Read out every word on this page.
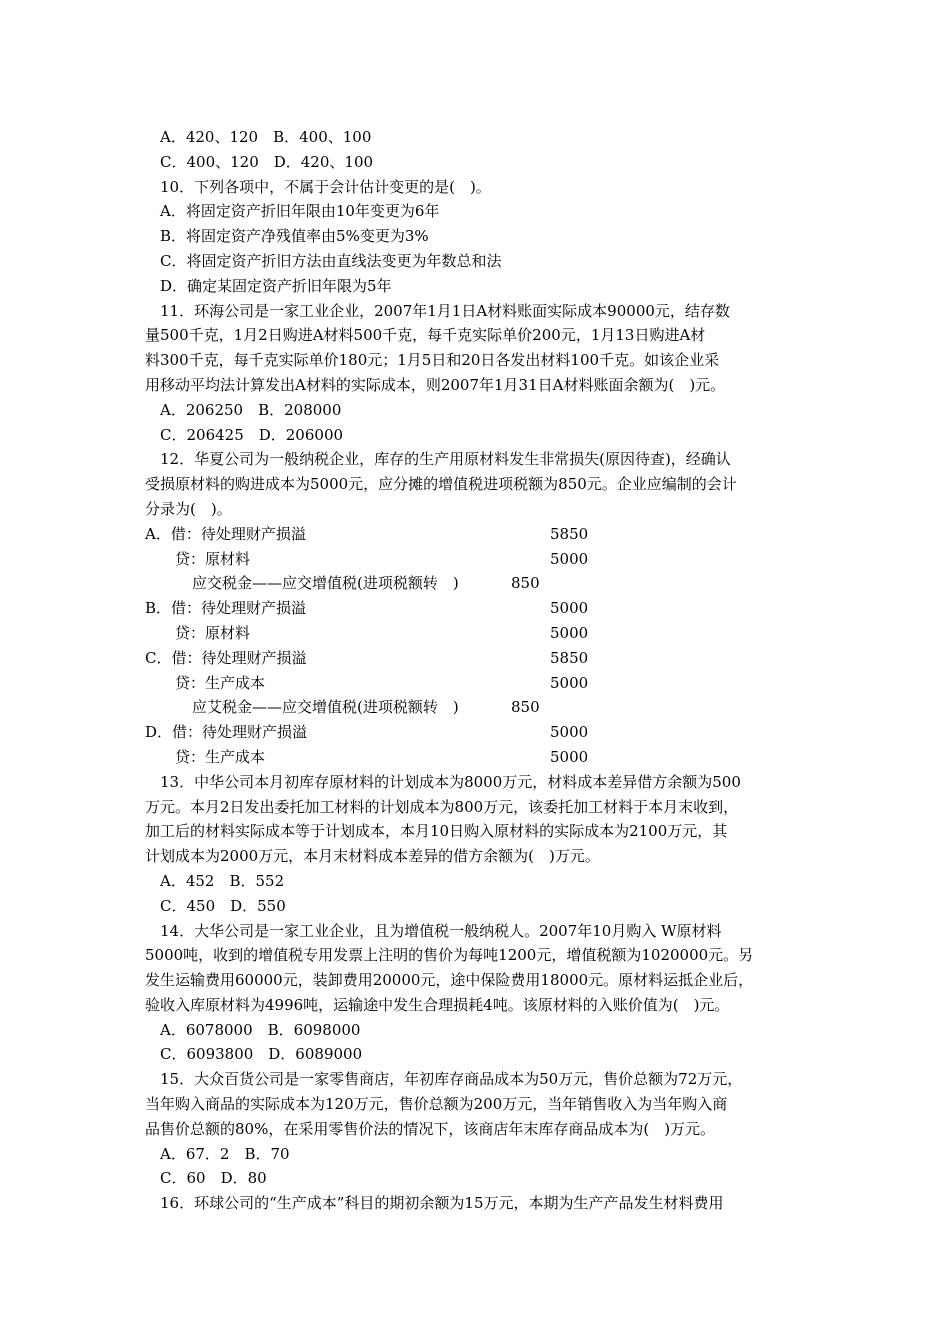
A．420、120　B．400、100
C．400、120　D．420、100
10．下列各项中，不属于会计估计变更的是(　)。
A．将固定资产折旧年限由10年变更为6年
B．将固定资产净残值率由5%变更为3%
C．将固定资产折旧方法由直线法变更为年数总和法
D．确定某固定资产折旧年限为5年
11．环海公司是一家工业企业，2007年1月1日A材料账面实际成本90000元，结存数
量500千克，1月2日购进A材料500千克，每千克实际单价200元，1月13日购进A材
料300千克，每千克实际单价180元；1月5日和20日各发出材料100千克。如该企业采
用移动平均法计算发出A材料的实际成本，则2007年1月31日A材料账面余额为(　)元。
A．206250　B．208000
C．206425　D．206000
12．华夏公司为一般纳税企业，库存的生产用原材料发生非常损失(原因待查)，经确认
受损原材料的购进成本为5000元，应分摊的增值税进项税额为850元。企业应编制的会计
分录为(　)。
A．借：待处理财产损溢	5850
贷：原材料	5000
应交税金——应交增值税(进项税额转　)	850
B．借：待处理财产损溢	5000
贷：原材料	5000
C．借：待处理财产损溢	5850
贷：生产成本	5000
应艾税金——应交增值税(进项税额转　)	850
D．借：待处理财产损溢	5000
贷：生产成本	5000
13．中华公司本月初库存原材料的计划成本为8000万元，材料成本差异借方余额为500
万元。本月2日发出委托加工材料的计划成本为800万元，该委托加工材料于本月末收到，
加工后的材料实际成本等于计划成本，本月10日购入原材料的实际成本为2100万元，其
计划成本为2000万元，本月末材料成本差异的借方余额为(　)万元。
A．452　B．552
C．450　D．550
14．大华公司是一家工业企业，且为增值税一般纳税人。2007年10月购入 W原材料
5000吨，收到的增值税专用发票上注明的售价为每吨1200元，增值税额为1020000元。另
发生运输费用60000元，装卸费用20000元，途中保险费用18000元。原材料运抵企业后，
验收入库原材料为4996吨，运输途中发生合理损耗4吨。该原材料的入账价值为(　)元。
A．6078000　B．6098000
C．6093800　D．6089000
15．大众百货公司是一家零售商店，年初库存商品成本为50万元，售价总额为72万元，
当年购入商品的实际成本为120万元，售价总额为200万元，当年销售收入为当年购入商
品售价总额的80%，在采用零售价法的情况下，该商店年末库存商品成本为(　)万元。
A．67．2　B．70
C．60　D．80
16．环球公司的“生产成本”科目的期初余额为15万元，本期为生产产品发生材料费用
